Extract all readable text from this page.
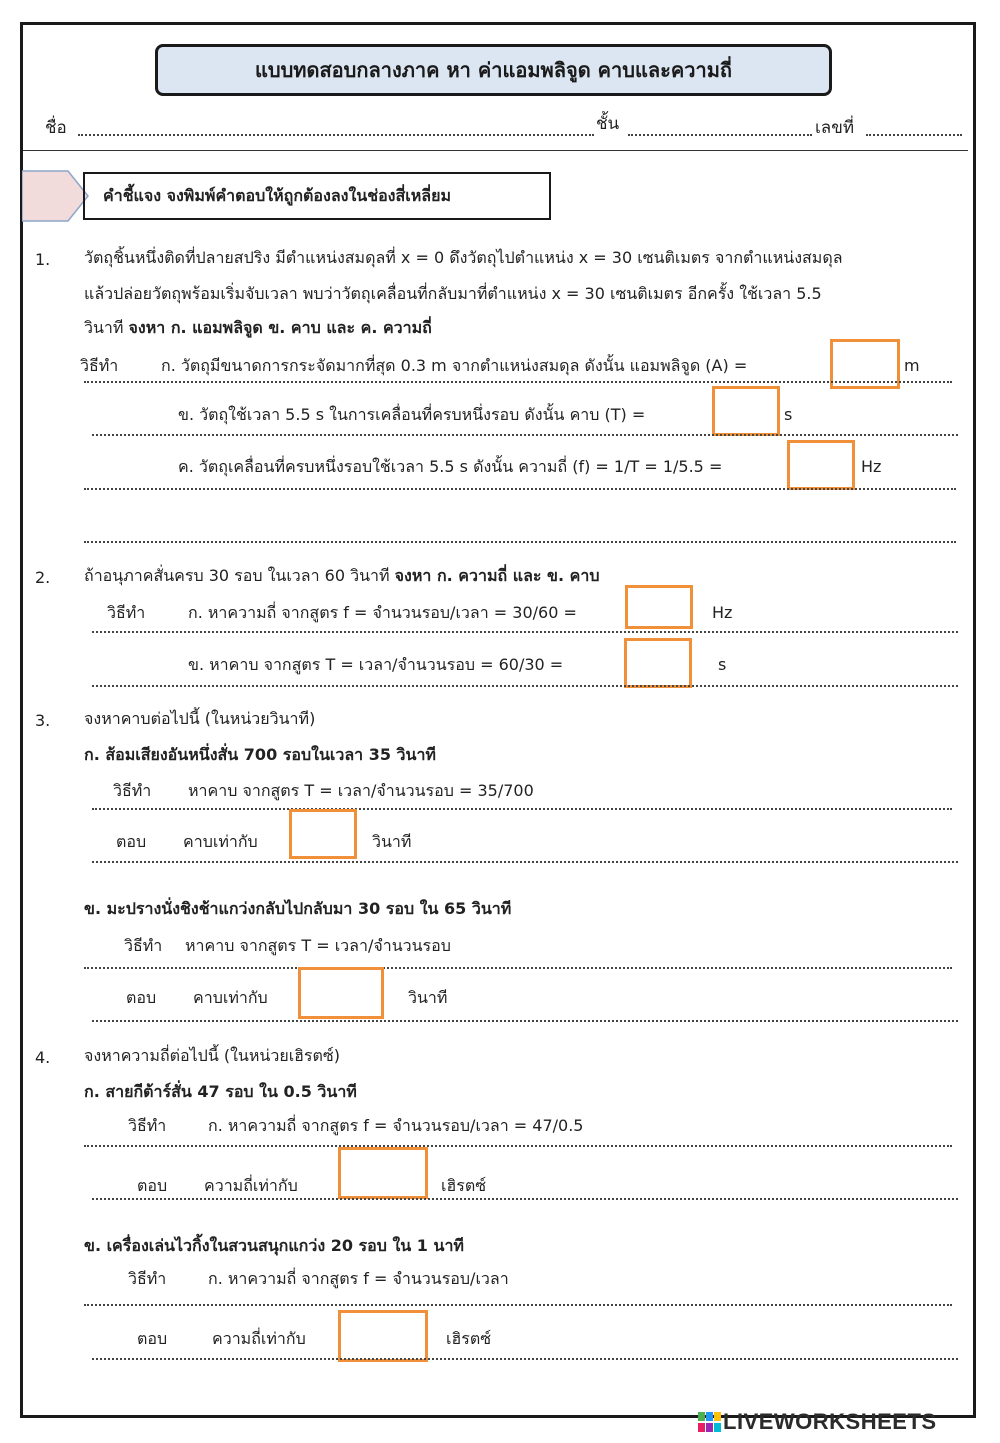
แบบทดสอบกลางภาค หา ค่าแอมพลิจูด คาบและความถี่
ชื่อ	ชั้น	เลขที่
คำชี้แจง จงพิมพ์คำตอบให้ถูกต้องลงในช่องสี่เหลี่ยม
1. วัตถุชิ้นหนึ่งติดที่ปลายสปริง มีตำแหน่งสมดุลที่ x = 0 ดึงวัตถุไปตำแหน่ง x = 30 เซนติเมตร จากตำแหน่งสมดุล
แล้วปล่อยวัตถุพร้อมเริ่มจับเวลา พบว่าวัตถุเคลื่อนที่กลับมาที่ตำแหน่ง x = 30 เซนติเมตร อีกครั้ง ใช้เวลา 5.5
วินาที จงหา ก. แอมพลิจูด ข. คาบ และ ค. ความถี่
วิธีทำ	ก. วัตถุมีขนาดการกระจัดมากที่สุด 0.3 m จากตำแหน่งสมดุล ดังนั้น แอมพลิจูด (A) =	m
ข. วัตถุใช้เวลา 5.5 s ในการเคลื่อนที่ครบหนึ่งรอบ ดังนั้น คาบ (T) =	s
ค. วัตถุเคลื่อนที่ครบหนึ่งรอบใช้เวลา 5.5 s ดังนั้น ความถี่ (f) = 1/T = 1/5.5 =	Hz
2. ถ้าอนุภาคสั่นครบ 30 รอบ ในเวลา 60 วินาที จงหา ก. ความถี่ และ ข. คาบ
วิธีทำ	ก. หาความถี่ จากสูตร f = จำนวนรอบ/เวลา = 30/60 =	Hz
ข. หาคาบ จากสูตร T = เวลา/จำนวนรอบ = 60/30 =	s
3. จงหาคาบต่อไปนี้ (ในหน่วยวินาที)
ก. ส้อมเสียงอันหนึ่งสั่น 700 รอบในเวลา 35 วินาที
วิธีทำ หาคาบ จากสูตร T = เวลา/จำนวนรอบ = 35/700
ตอบ คาบเท่ากับ	วินาที
ข. มะปรางนั่งชิงช้าแกว่งกลับไปกลับมา 30 รอบ ใน 65 วินาที
วิธีทำ หาคาบ จากสูตร T = เวลา/จำนวนรอบ
ตอบ คาบเท่ากับ	วินาที
4. จงหาความถี่ต่อไปนี้ (ในหน่วยเฮิรตซ์)
ก. สายกีต้าร์สั่น 47 รอบ ใน 0.5 วินาที
วิธีทำ	ก. หาความถี่ จากสูตร f = จำนวนรอบ/เวลา = 47/0.5
ตอบ ความถี่เท่ากับ	เฮิรตซ์
ข. เครื่องเล่นไวกิ้งในสวนสนุกแกว่ง 20 รอบ ใน 1 นาที
วิธีทำ	ก. หาความถี่ จากสูตร f = จำนวนรอบ/เวลา
ตอบ	ความถี่เท่ากับ	เฮิรตซ์
LIVEWORKSHEETS
